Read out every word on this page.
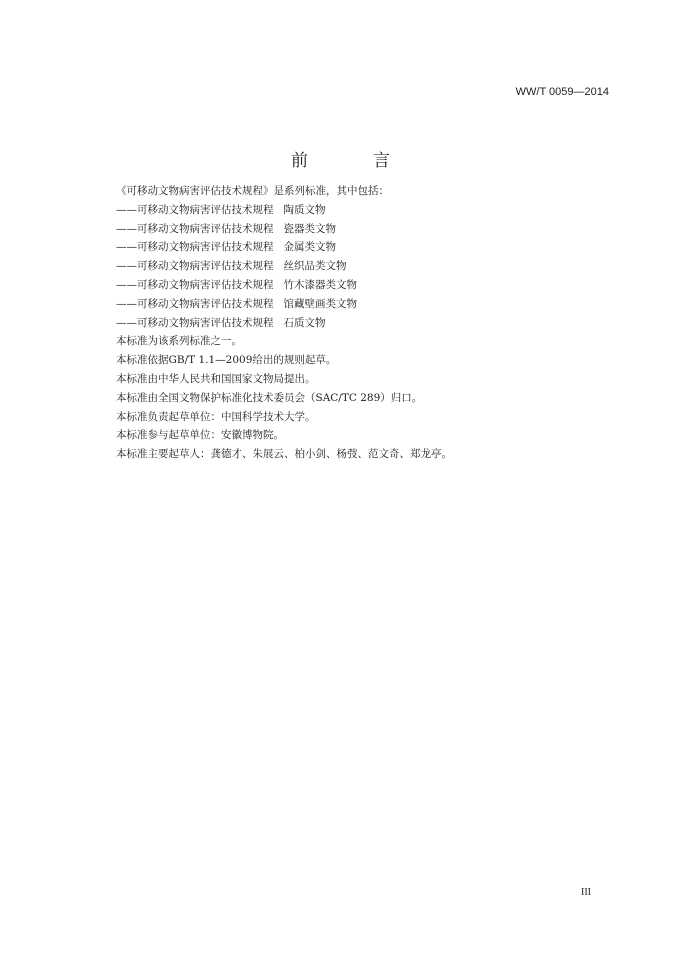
WW/T 0059—2014
前　言
《可移动文物病害评估技术规程》是系列标准，其中包括：
——可移动文物病害评估技术规程 陶质文物
——可移动文物病害评估技术规程 瓷器类文物
——可移动文物病害评估技术规程 金属类文物
——可移动文物病害评估技术规程 丝织品类文物
——可移动文物病害评估技术规程 竹木漆器类文物
——可移动文物病害评估技术规程 馆藏壁画类文物
——可移动文物病害评估技术规程 石质文物
本标准为该系列标准之一。
本标准依据GB/T 1.1—2009给出的规则起草。
本标准由中华人民共和国国家文物局提出。
本标准由全国文物保护标准化技术委员会（SAC/TC 289）归口。
本标准负责起草单位：中国科学技术大学。
本标准参与起草单位：安徽博物院。
本标准主要起草人：龚德才、朱展云、柏小剑、杨弢、范文奇、郑龙亭。
III
